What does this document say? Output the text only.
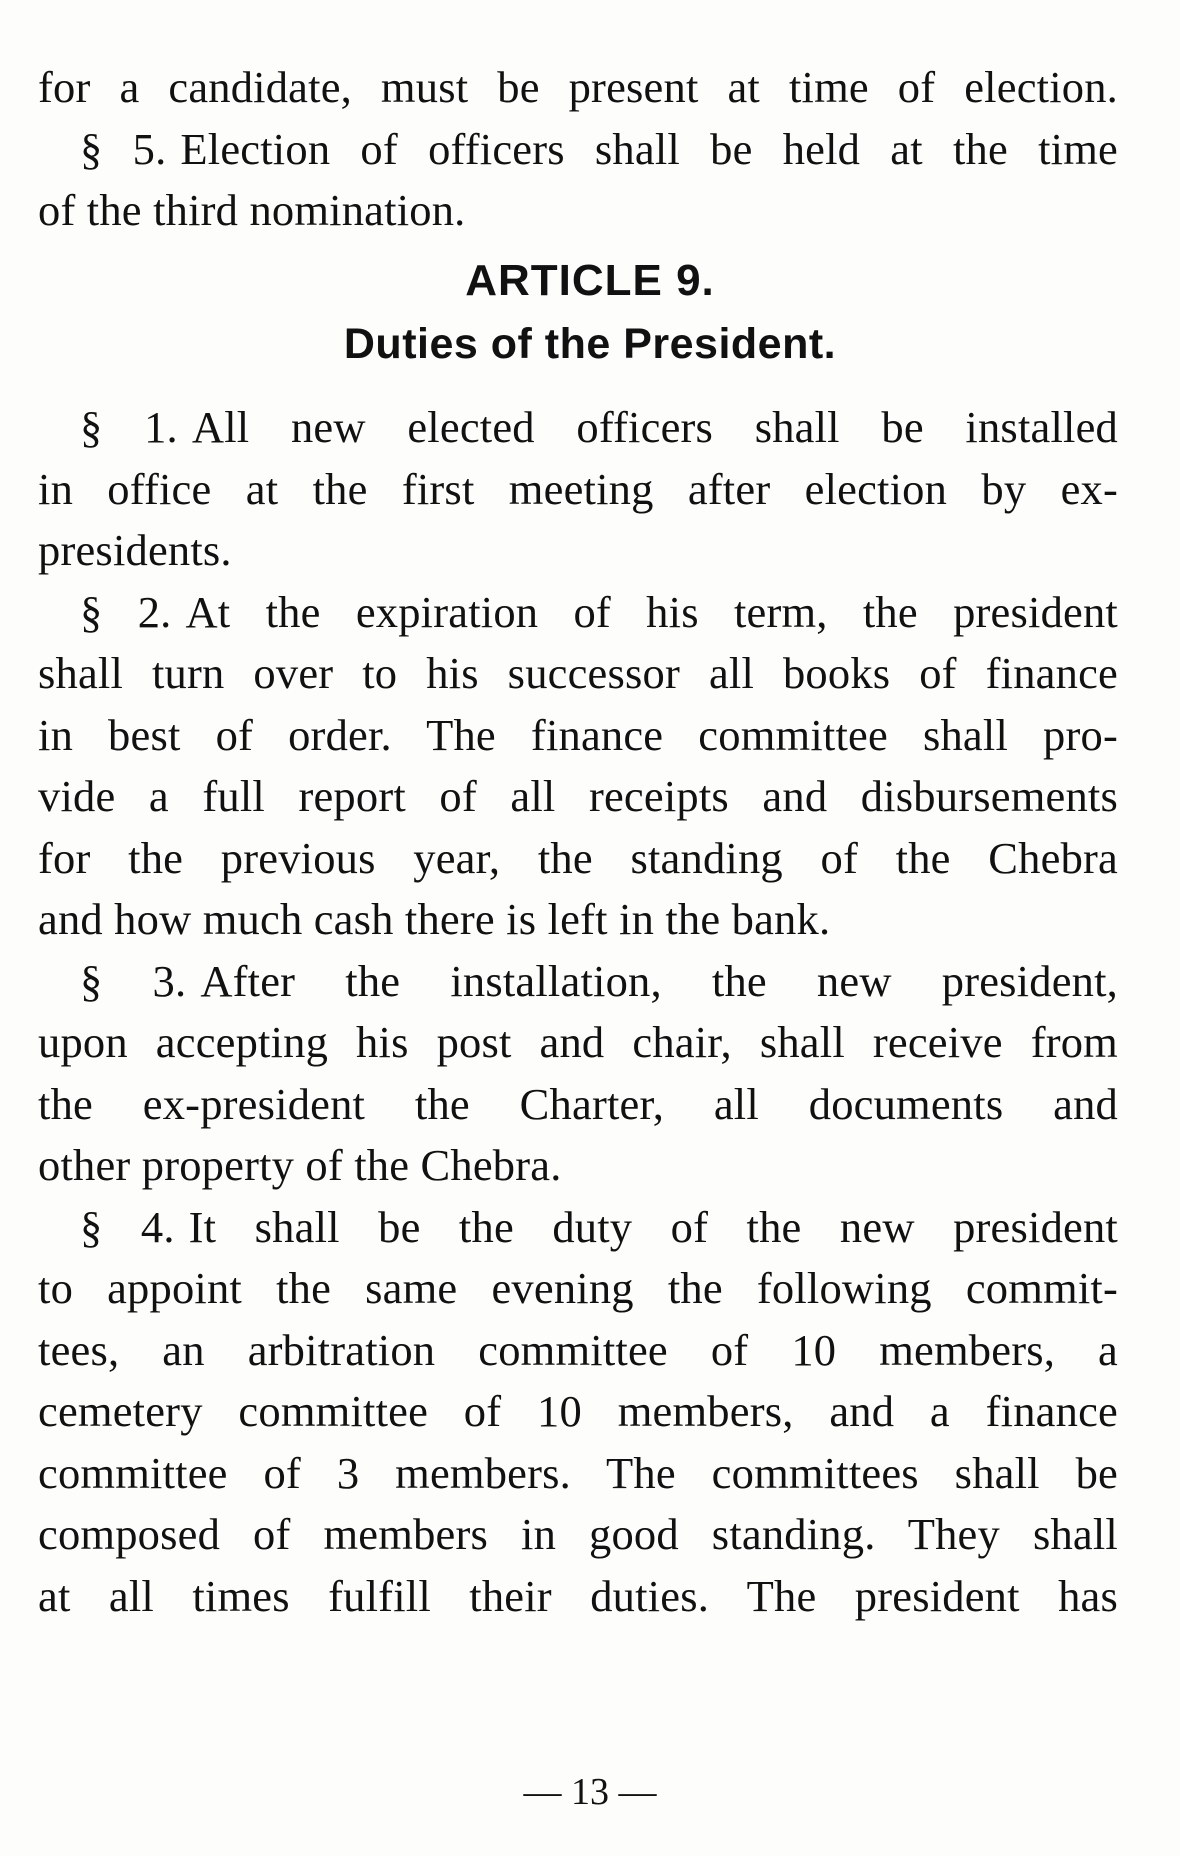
for a candidate, must be present at time of election.
§ 5. Election of officers shall be held at the time
of the third nomination.
ARTICLE 9.
Duties of the President.
§ 1. All new elected officers shall be installed
in office at the first meeting after election by ex-
presidents.
§ 2. At the expiration of his term, the president
shall turn over to his successor all books of finance
in best of order. The finance committee shall pro-
vide a full report of all receipts and disbursements
for the previous year, the standing of the Chebra
and how much cash there is left in the bank.
§ 3. After the installation, the new president,
upon accepting his post and chair, shall receive from
the ex-president the Charter, all documents and
other property of the Chebra.
§ 4. It shall be the duty of the new president
to appoint the same evening the following commit-
tees, an arbitration committee of 10 members, a
cemetery committee of 10 members, and a finance
committee of 3 members. The committees shall be
composed of members in good standing. They shall
at all times fulfill their duties. The president has
— 13 —
